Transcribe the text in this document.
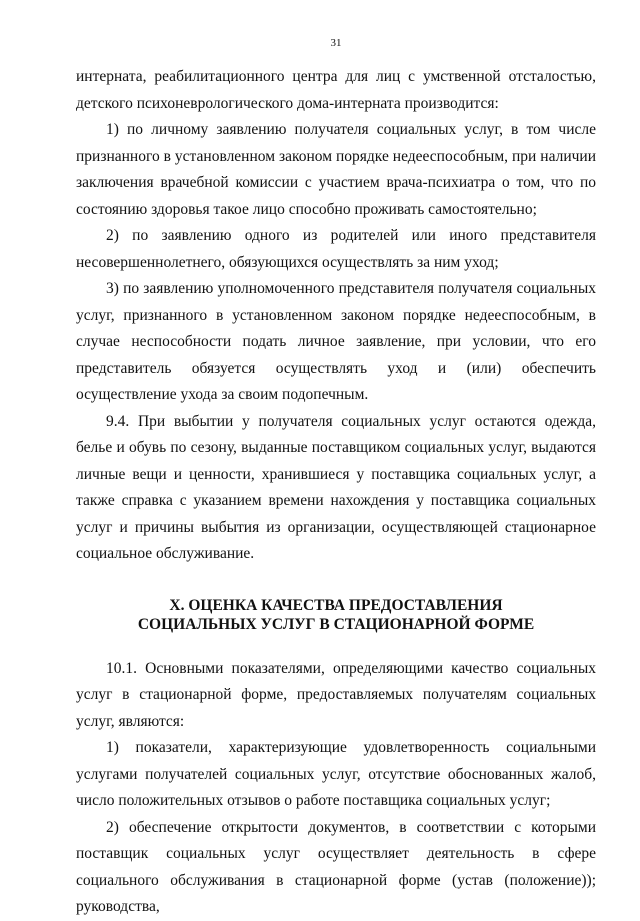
31

интерната, реабилитационного центра для лиц с умственной отсталостью, детского психоневрологического дома-интерната производится:

1) по личному заявлению получателя социальных услуг, в том числе признанного в установленном законом порядке недееспособным, при наличии заключения врачебной комиссии с участием врача-психиатра о том, что по состоянию здоровья такое лицо способно проживать самостоятельно;

2) по заявлению одного из родителей или иного представителя несовершеннолетнего, обязующихся осуществлять за ним уход;

3) по заявлению уполномоченного представителя получателя социальных услуг, признанного в установленном законом порядке недееспособным, в случае неспособности подать личное заявление, при условии, что его представитель обязуется осуществлять уход и (или) обеспечить осуществление ухода за своим подопечным.

9.4. При выбытии у получателя социальных услуг остаются одежда, белье и обувь по сезону, выданные поставщиком социальных услуг, выдаются личные вещи и ценности, хранившиеся у поставщика социальных услуг, а также справка с указанием времени нахождения у поставщика социальных услуг и причины выбытия из организации, осуществляющей стационарное социальное обслуживание.

X. ОЦЕНКА КАЧЕСТВА ПРЕДОСТАВЛЕНИЯ
СОЦИАЛЬНЫХ УСЛУГ В СТАЦИОНАРНОЙ ФОРМЕ

10.1. Основными показателями, определяющими качество социальных услуг в стационарной форме, предоставляемых получателям социальных услуг, являются:

1) показатели, характеризующие удовлетворенность социальными услугами получателей социальных услуг, отсутствие обоснованных жалоб, число положительных отзывов о работе поставщика социальных услуг;

2) обеспечение открытости документов, в соответствии с которыми поставщик социальных услуг осуществляет деятельность в сфере социального обслуживания в стационарной форме (устав (положение)); руководства,
